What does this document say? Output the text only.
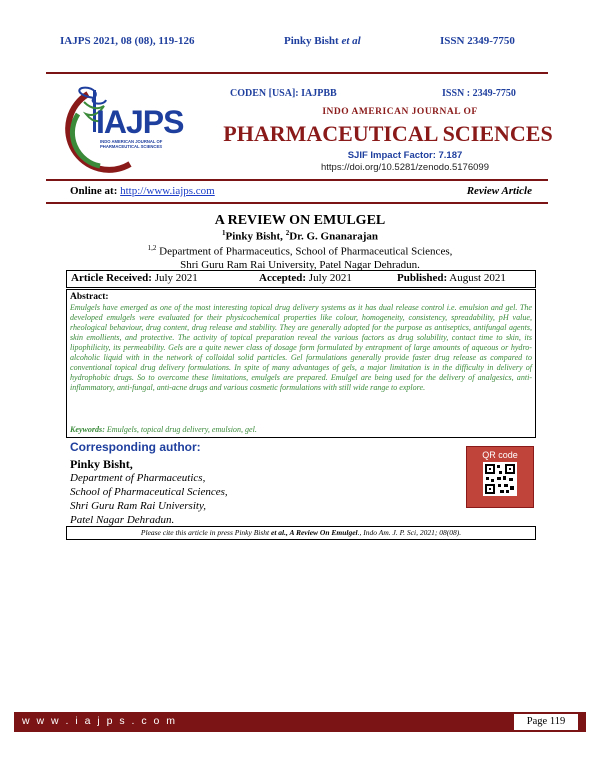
IAJPS 2021, 08 (08), 119-126	Pinky Bisht et al	ISSN 2349-7750
IAJPS
INDO AMERICAN JOURNAL OF PHARMACEUTICAL SCIENCES
CODEN [USA]: IAJPBB	ISSN : 2349-7750
INDO AMERICAN JOURNAL OF
PHARMACEUTICAL SCIENCES
SJIF Impact Factor: 7.187
https://doi.org/10.5281/zenodo.5176099
Online at: http://www.iajps.com	Review Article
A REVIEW ON EMULGEL
$^1$Pinky Bisht, $^2$Dr. G. Gnanarajan
$^{1,2}$ Department of Pharmaceutics, School of Pharmaceutical Sciences,
Shri Guru Ram Rai University, Patel Nagar Dehradun.
Article Received: July 2021	Accepted: July 2021	Published: August 2021
Abstract:
Emulgels have emerged as one of the most interesting topical drug delivery systems as it has dual release control i.e. emulsion and gel. The developed emulgels were evaluated for their physicochemical properties like colour, homogeneity, consistency, spreadability, pH value, rheological behaviour, drug content, drug release and stability. They are generally adopted for the purpose as antiseptics, antifungal agents, skin emollients, and protective. The activity of topical preparation reveal the various factors as drug solubility, contact time to skin, its lipophilicity, its permeability. Gels are a quite newer class of dosage form formulated by entrapment of large amounts of aqueous or hydro-alcoholic liquid with in the network of colloidal solid particles. Gel formulations generally provide faster drug release as compared to conventional topical drug delivery formulations. In spite of many advantages of gels, a major limitation is in the difficulty in delivery of hydrophobic drugs. So to overcome these limitations, emulgels are prepared. Emulgel are being used for the delivery of analgesics, anti-inflammatory, anti-fungal, anti-acne drugs and various cosmetic formulations with still wide range to explore.
Keywords: Emulgels, topical drug delivery, emulsion, gel.
Corresponding author:
Pinky Bisht,
Department of Pharmaceutics,
School of Pharmaceutical Sciences,
Shri Guru Ram Rai University,
Patel Nagar Dehradun.
QR code
Please cite this article in press Pinky Bisht et al., A Review On Emulgel., Indo Am. J. P. Sci, 2021; 08(08).
w w w . i a j p s . c o m	Page 119
